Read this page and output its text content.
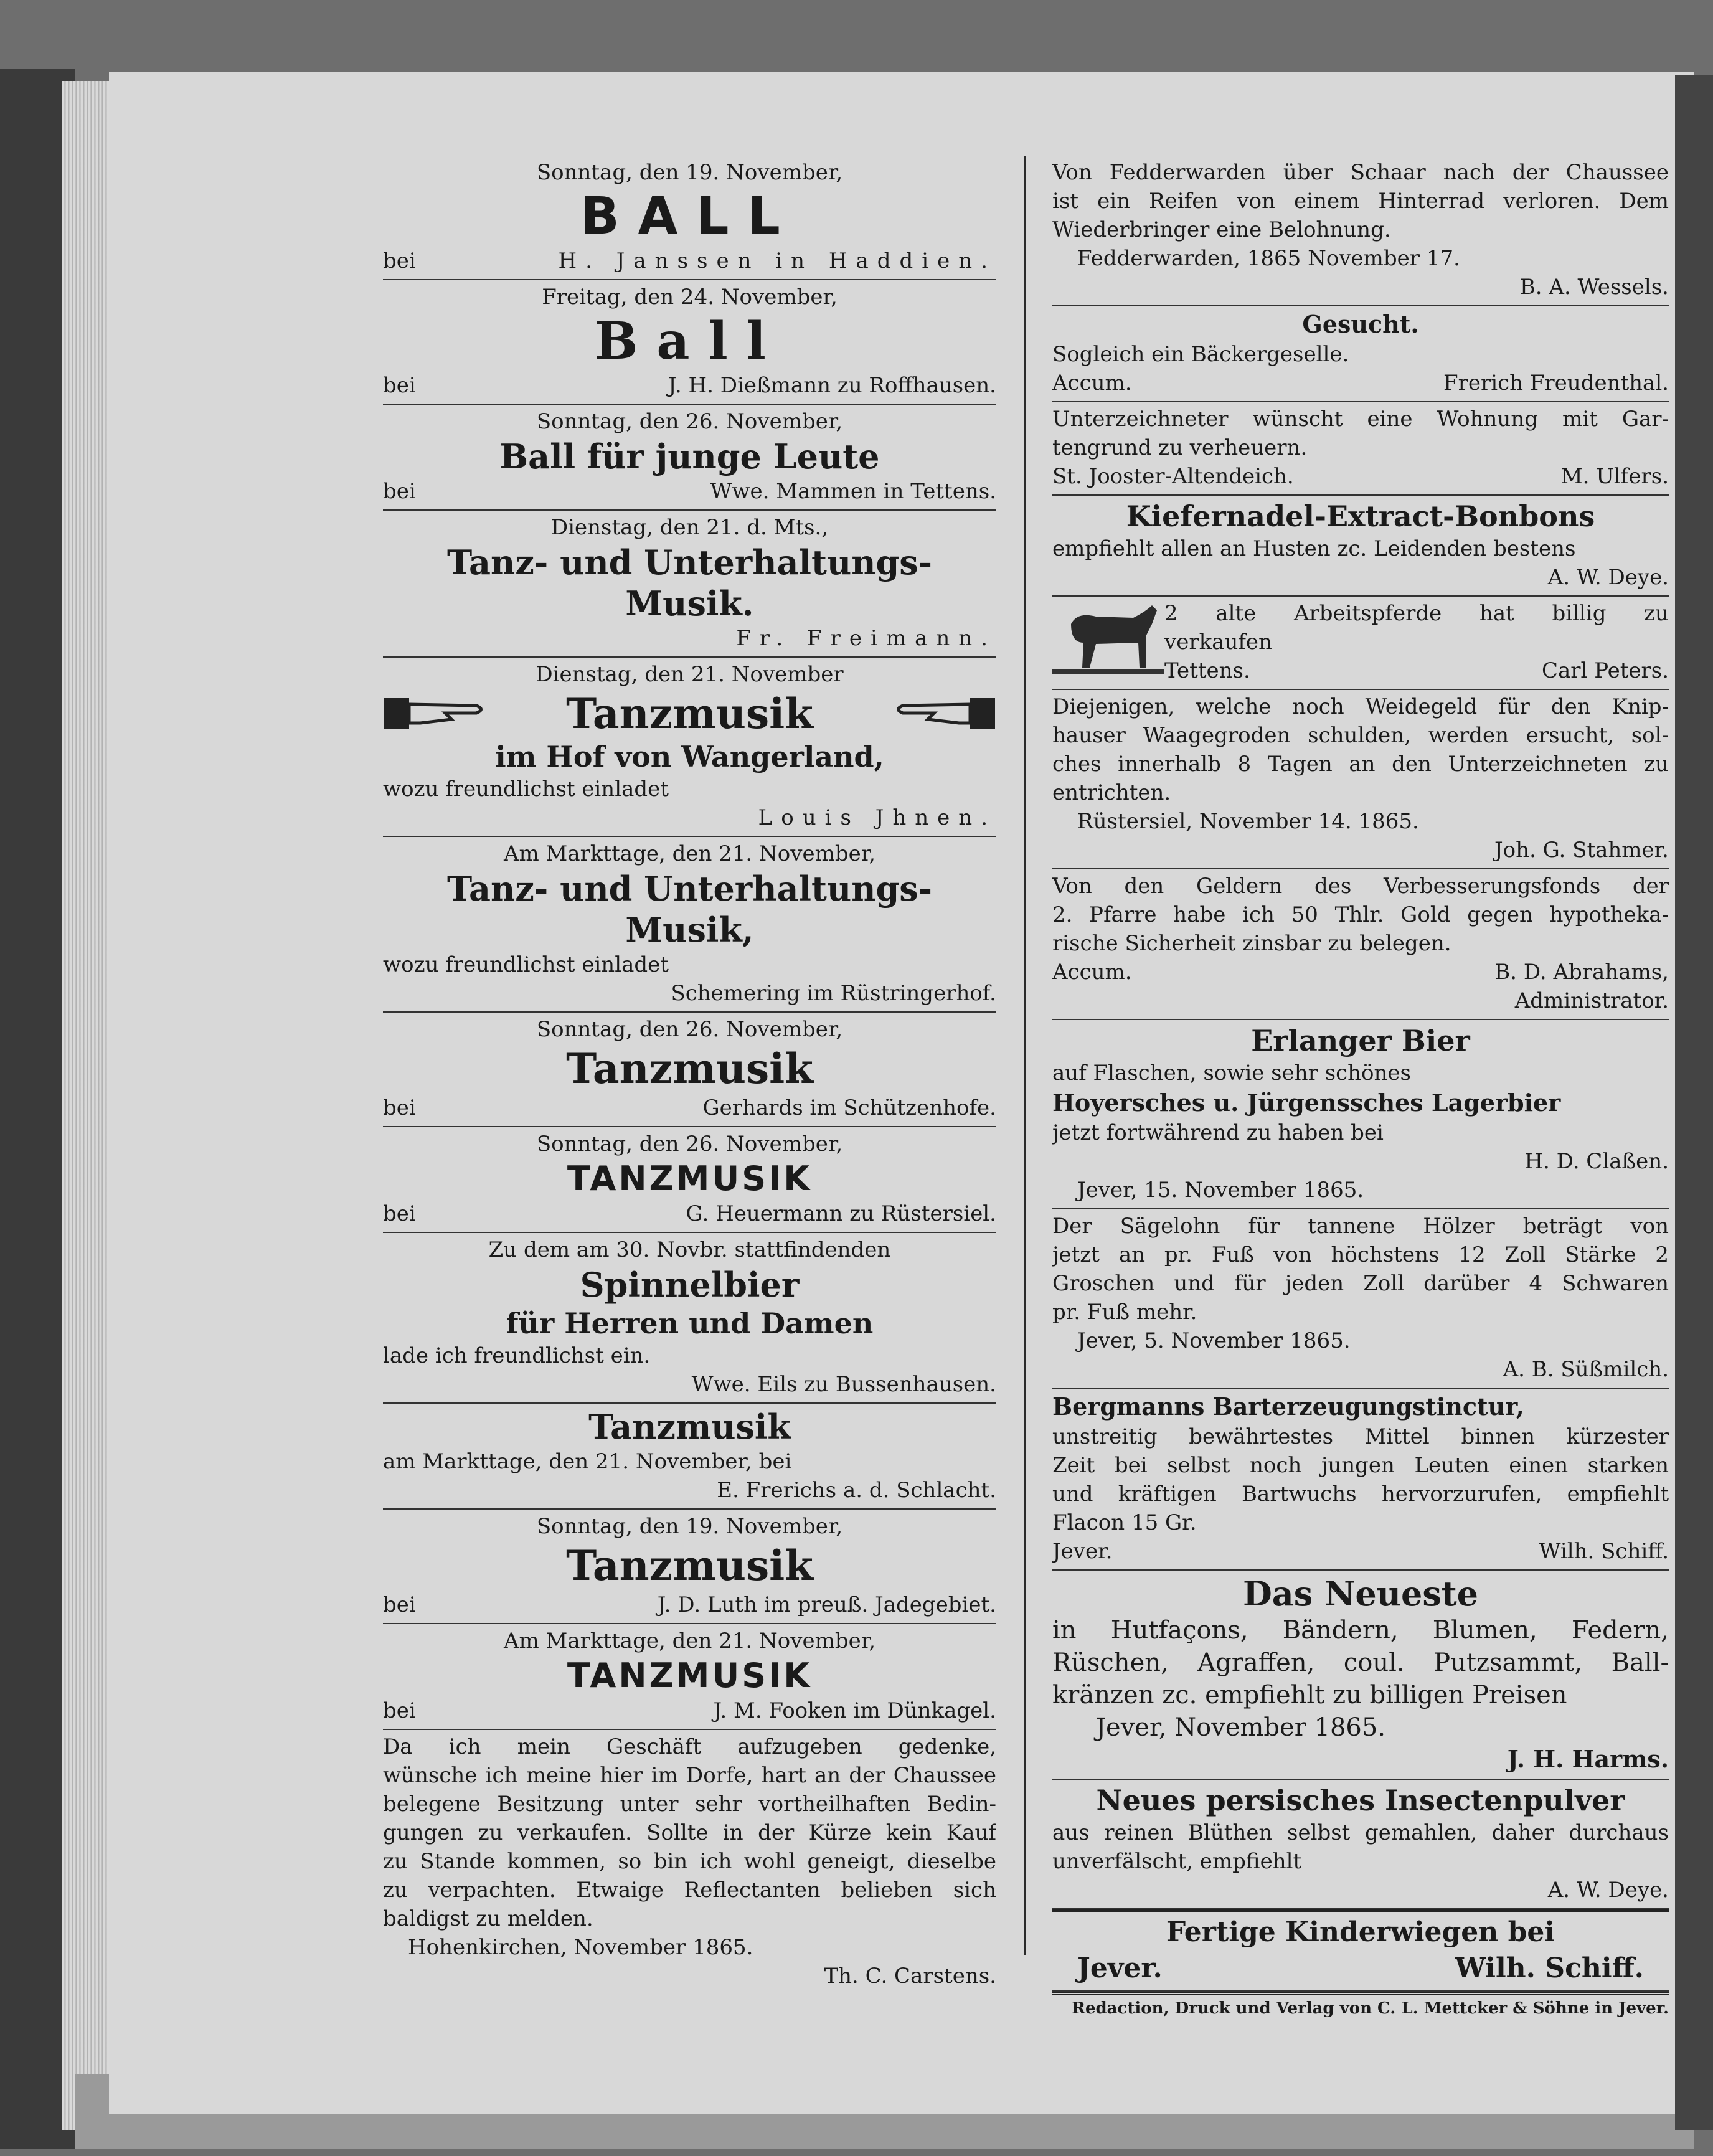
Sonntag, den 19. November,
BALL
bei	H. Janssen in Haddien.
Freitag, den 24. November,
Ball
bei	J. H. Dießmann zu Roffhausen.
Sonntag, den 26. November,
Ball für junge Leute
bei	Wwe. Mammen in Tettens.
Dienstag, den 21. d. Mts.,
Tanz- und Unterhaltungs-
Musik.
Fr. Freimann.
Dienstag, den 21. November
Tanzmusik
im Hof von Wangerland,
wozu freundlichst einladet
Louis Jhnen.
Am Markttage, den 21. November,
Tanz- und Unterhaltungs-
Musik,
wozu freundlichst einladet
Schemering im Rüstringerhof.
Sonntag, den 26. November,
Tanzmusik
bei	Gerhards im Schützenhofe.
Sonntag, den 26. November,
TANZMUSIK
bei	G. Heuermann zu Rüstersiel.
Zu dem am 30. Novbr. stattfindenden
Spinnelbier
für Herren und Damen
lade ich freundlichst ein.
Wwe. Eils zu Bussenhausen.
Tanzmusik
am Markttage, den 21. November, bei
E. Frerichs a. d. Schlacht.
Sonntag, den 19. November,
Tanzmusik
bei	J. D. Luth im preuß. Jadegebiet.
Am Markttage, den 21. November,
TANZMUSIK
bei	J. M. Fooken im Dünkagel.
Da ich mein Geschäft aufzugeben gedenke,
wünsche ich meine hier im Dorfe, hart an der Chaussee
belegene Besitzung unter sehr vortheilhaften Bedin-
gungen zu verkaufen. Sollte in der Kürze kein Kauf
zu Stande kommen, so bin ich wohl geneigt, dieselbe
zu verpachten. Etwaige Reflectanten belieben sich
baldigst zu melden.
Hohenkirchen, November 1865.
Th. C. Carstens.
Von Fedderwarden über Schaar nach der Chaussee
ist ein Reifen von einem Hinterrad verloren. Dem
Wiederbringer eine Belohnung.
Fedderwarden, 1865 November 17.
B. A. Wessels.
Gesucht.
Sogleich ein Bäckergeselle.
Accum.	Frerich Freudenthal.
Unterzeichneter wünscht eine Wohnung mit Gar-
tengrund zu verheuern.
St. Jooster-Altendeich.	M. Ulfers.
Kiefernadel-Extract-Bonbons
empfiehlt allen an Husten zc. Leidenden bestens
A. W. Deye.
2 alte Arbeitspferde hat billig zu
verkaufen
Tettens.	Carl Peters.
Diejenigen, welche noch Weidegeld für den Knip-
hauser Waagegroden schulden, werden ersucht, sol-
ches innerhalb 8 Tagen an den Unterzeichneten zu
entrichten.
Rüstersiel, November 14. 1865.
Joh. G. Stahmer.
Von den Geldern des Verbesserungsfonds der
2. Pfarre habe ich 50 Thlr. Gold gegen hypotheka-
rische Sicherheit zinsbar zu belegen.
Accum.	B. D. Abrahams,
Administrator.
Erlanger Bier
auf Flaschen, sowie sehr schönes
Hoyersches u. Jürgenssches Lagerbier
jetzt fortwährend zu haben bei
H. D. Claßen.
Jever, 15. November 1865.
Der Sägelohn für tannene Hölzer beträgt von
jetzt an pr. Fuß von höchstens 12 Zoll Stärke 2
Groschen und für jeden Zoll darüber 4 Schwaren
pr. Fuß mehr.
Jever, 5. November 1865.
A. B. Süßmilch.
Bergmanns Barterzeugungstinctur,
unstreitig bewährtestes Mittel binnen kürzester
Zeit bei selbst noch jungen Leuten einen starken
und kräftigen Bartwuchs hervorzurufen, empfiehlt
Flacon 15 Gr.
Jever.	Wilh. Schiff.
Das Neueste
in Hutfaçons, Bändern, Blumen, Federn,
Rüschen, Agraffen, coul. Putzsammt, Ball-
kränzen zc. empfiehlt zu billigen Preisen
Jever, November 1865.
J. H. Harms.
Neues persisches Insectenpulver
aus reinen Blüthen selbst gemahlen, daher durchaus
unverfälscht, empfiehlt
A. W. Deye.
Fertige Kinderwiegen bei
Jever.	Wilh. Schiff.
Redaction, Druck und Verlag von C. L. Mettcker & Söhne in Jever.
